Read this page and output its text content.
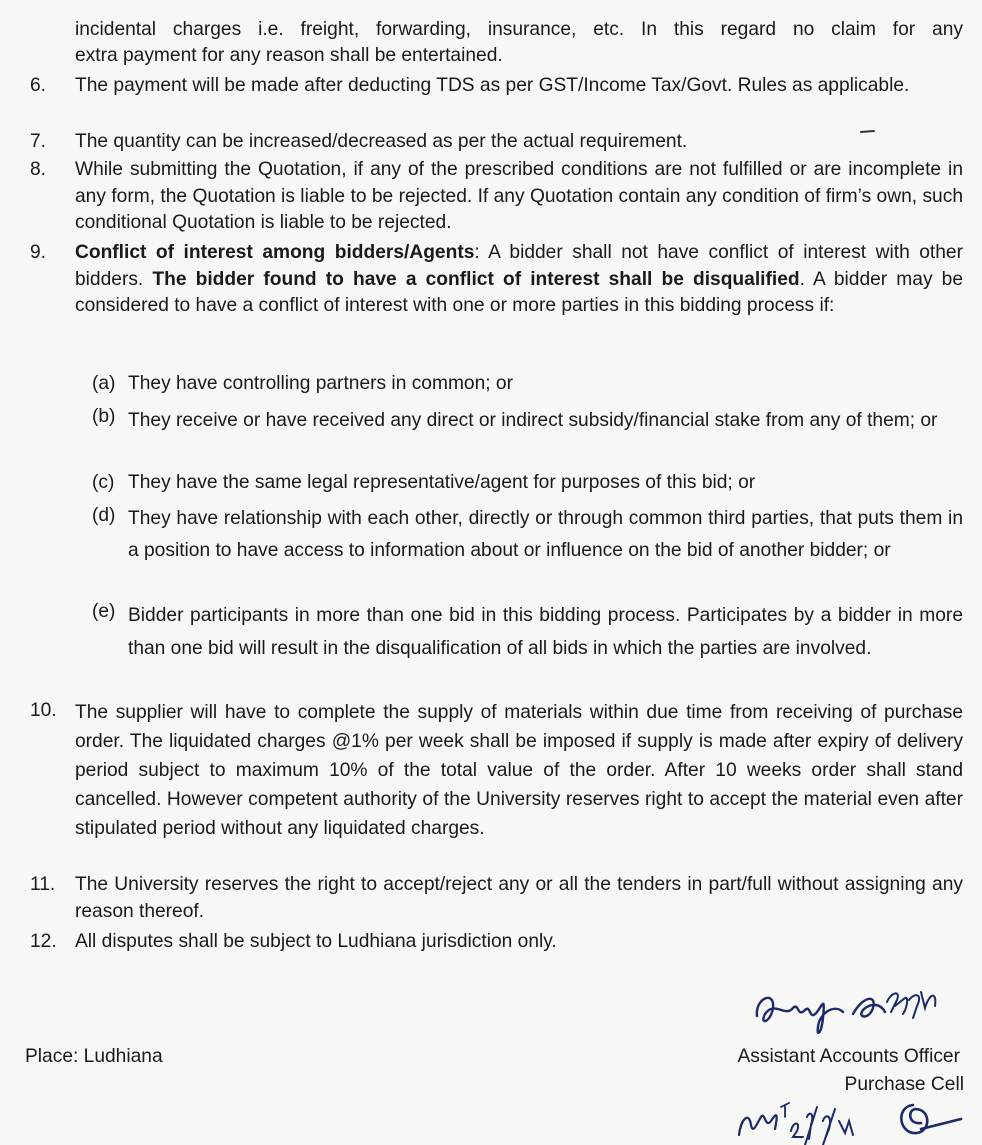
incidental charges i.e. freight, forwarding, insurance, etc. In this regard no claim for any
extra payment for any reason shall be entertained.
6.	The payment will be made after deducting TDS as per GST/Income Tax/Govt. Rules as applicable.
7.	The quantity can be increased/decreased as per the actual requirement.
8.	While submitting the Quotation, if any of the prescribed conditions are not fulfilled or are incomplete in any form, the Quotation is liable to be rejected. If any Quotation contain any condition of firm’s own, such conditional Quotation is liable to be rejected.
9.	Conflict of interest among bidders/Agents: A bidder shall not have conflict of interest with other bidders. The bidder found to have a conflict of interest shall be disqualified. A bidder may be considered to have a conflict of interest with one or more parties in this bidding process if:
(a) They have controlling partners in common; or
(b) They receive or have received any direct or indirect subsidy/financial stake from any of them; or
(c) They have the same legal representative/agent for purposes of this bid; or
(d) They have relationship with each other, directly or through common third parties, that puts them in a position to have access to information about or influence on the bid of another bidder; or
(e) Bidder participants in more than one bid in this bidding process. Participates by a bidder in more than one bid will result in the disqualification of all bids in which the parties are involved.
10. The supplier will have to complete the supply of materials within due time from receiving of purchase order. The liquidated charges @1% per week shall be imposed if supply is made after expiry of delivery period subject to maximum 10% of the total value of the order. After 10 weeks order shall stand cancelled. However competent authority of the University reserves right to accept the material even after stipulated period without any liquidated charges.
11.	The University reserves the right to accept/reject any or all the tenders in part/full without assigning any reason thereof.
12. All disputes shall be subject to Ludhiana jurisdiction only.
Place: Ludhiana	Assistant Accounts Officer
Purchase Cell
